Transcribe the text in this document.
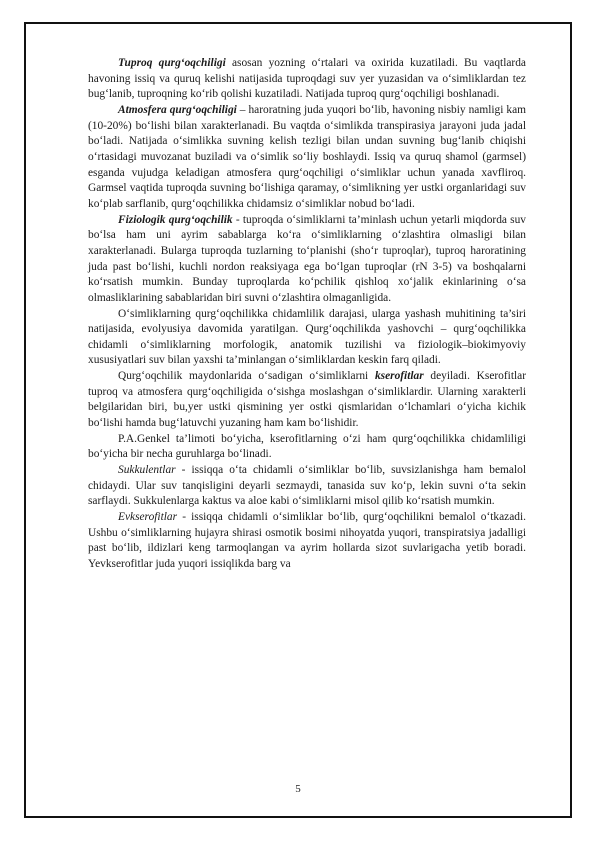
Tuproq qurg‘oqchiligi asosan yozning o‘rtalari va oxirida kuzatiladi. Bu vaqtlarda havoning issiq va quruq kelishi natijasida tuproqdagi suv yer yuzasidan va o‘simliklardan tez bug‘lanib, tuproqning ko‘rib qolishi kuzatiladi. Natijada tuproq qurg‘oqchiligi boshlanadi.

Atmosfera qurg‘oqchiligi – haroratning juda yuqori bo‘lib, havoning nisbiy namligi kam (10-20%) bo‘lishi bilan xarakterlanadi. Bu vaqtda o‘simlikda transpirasiya jarayoni juda jadal bo‘ladi. Natijada o‘simlikka suvning kelish tezligi bilan undan suvning bug‘lanib chiqishi o‘rtasidagi muvozanat buziladi va o‘simlik so‘liy boshlaydi. Issiq va quruq shamol (garmsel) esganda vujudga keladigan atmosfera qurg‘oqchiligi o‘simliklar uchun yanada xavfliroq. Garmsel vaqtida tuproqda suvning bo‘lishiga qaramay, o‘simlikning yer ustki organlaridagi suv ko‘plab sarflanib, qurg‘oqchilikka chidamsiz o‘simliklar nobud bo‘ladi.

Fiziologik qurg‘oqchilik - tuproqda o‘simliklarni ta’minlash uchun yetarli miqdorda suv bo‘lsa ham uni ayrim sabablarga ko‘ra o‘simliklarning o‘zlashtira olmasligi bilan xarakterlanadi. Bularga tuproqda tuzlarning to‘planishi (sho‘r tuproqlar), tuproq haroratining juda past bo‘lishi, kuchli nordon reaksiyaga ega bo‘lgan tuproqlar (rN 3-5) va boshqalarni ko‘rsatish mumkin. Bunday tuproqlarda ko‘pchilik qishloq xo‘jalik ekinlarining o‘sa olmasliklarining sabablaridan biri suvni o‘zlashtira olmaganligida.

O‘simliklarning qurg‘oqchilikka chidamlilik darajasi, ularga yashash muhitining ta’siri natijasida, evolyusiya davomida yaratilgan. Qurg‘oqchilikda yashovchi – qurg‘oqchilikka chidamli o‘simliklarning morfologik, anatomik tuzilishi va fiziologik–biokimyoviy xususiyatlari suv bilan yaxshi ta’minlangan o‘simliklardan keskin farq qiladi.

Qurg‘oqchilik maydonlarida o‘sadigan o‘simliklarni kserofitlar deyiladi. Kserofitlar tuproq va atmosfera qurg‘oqchiligida o‘sishga moslashgan o‘simliklardir. Ularning xarakterli belgilaridan biri, bu,yer ustki qismining yer ostki qismlaridan o‘lchamlari o‘yicha kichik bo‘lishi hamda bug‘latuvchi yuzaning ham kam bo‘lishidir.

P.A.Genkel ta’limoti bo‘yicha, kserofitlarning o‘zi ham qurg‘oqchilikka chidamliligi bo‘yicha bir necha guruhlarga bo‘linadi.

Sukkulentlar - issiqqa o‘ta chidamli o‘simliklar bo‘lib, suvsizlanishga ham bemalol chidaydi. Ular suv tanqisligini deyarli sezmaydi, tanasida suv ko‘p, lekin suvni o‘ta sekin sarflaydi. Sukkulenlarga kaktus va aloe kabi o‘simliklarni misol qilib ko‘rsatish mumkin.

Evkserofitlar - issiqqa chidamli o‘simliklar bo‘lib, qurg‘oqchilikni bemalol o‘tkazadi. Ushbu o‘simliklarning hujayra shirasi osmotik bosimi nihoyatda yuqori, transpiratsiya jadalligi past bo‘lib, ildizlari keng tarmoqlangan va ayrim hollarda sizot suvlarigacha yetib boradi. Yevkserofitlar juda yuqori issiqlikda barg va

5
